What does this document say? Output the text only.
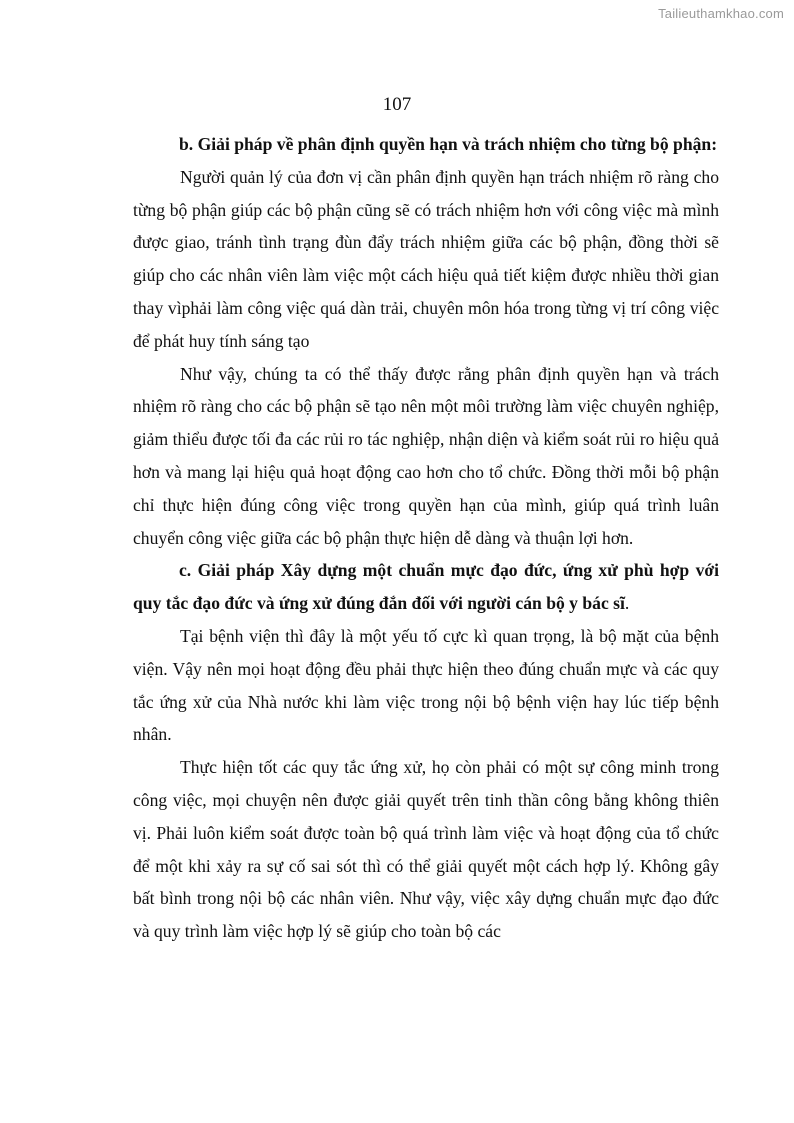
Tailieuthamkhao.com
107

b. Giải pháp về phân định quyền hạn và trách nhiệm cho từng bộ phận:

Người quản lý của đơn vị cần phân định quyền hạn trách nhiệm rõ ràng cho từng bộ phận giúp các bộ phận cũng sẽ có trách nhiệm hơn với công việc mà mình được giao, tránh tình trạng đùn đẩy trách nhiệm giữa các bộ phận, đồng thời sẽ giúp cho các nhân viên làm việc một cách hiệu quả tiết kiệm được nhiều thời gian thay vìphải làm công việc quá dàn trải, chuyên môn hóa trong từng vị trí công việc để phát huy tính sáng tạo

Như vậy, chúng ta có thể thấy được rằng phân định quyền hạn và trách nhiệm rõ ràng cho các bộ phận sẽ tạo nên một môi trường làm việc chuyên nghiệp, giảm thiểu được tối đa các rủi ro tác nghiệp, nhận diện và kiểm soát rủi ro hiệu quả hơn và mang lại hiệu quả hoạt động cao hơn cho tổ chức. Đồng thời mỗi bộ phận chỉ thực hiện đúng công việc trong quyền hạn của mình, giúp quá trình luân chuyển công việc giữa các bộ phận thực hiện dễ dàng và thuận lợi hơn.

c. Giải pháp Xây dựng một chuẩn mực đạo đức, ứng xử phù hợp với quy tắc đạo đức và ứng xử đúng đắn đối với người cán bộ y bác sĩ.

Tại bệnh viện thì đây là một yếu tố cực kì quan trọng, là bộ mặt của bệnh viện. Vậy nên mọi hoạt động đều phải thực hiện theo đúng chuẩn mực và các quy tắc ứng xử của Nhà nước khi làm việc trong nội bộ bệnh viện hay lúc tiếp bệnh nhân.

Thực hiện tốt các quy tắc ứng xử, họ còn phải có một sự công minh trong công việc, mọi chuyện nên được giải quyết trên tinh thần công bằng không thiên vị. Phải luôn kiểm soát được toàn bộ quá trình làm việc và hoạt động của tổ chức để một khi xảy ra sự cố sai sót thì có thể giải quyết một cách hợp lý. Không gây bất bình trong nội bộ các nhân viên. Như vậy, việc xây dựng chuẩn mực đạo đức và quy trình làm việc hợp lý sẽ giúp cho toàn bộ các
